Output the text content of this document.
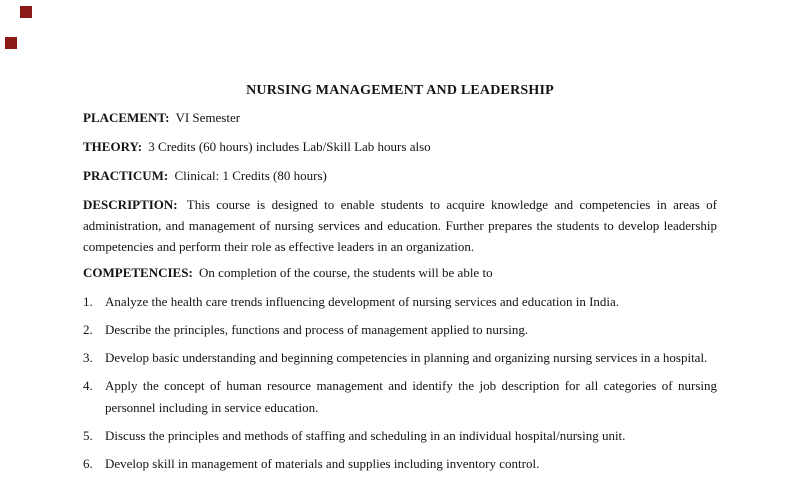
NURSING MANAGEMENT AND LEADERSHIP

PLACEMENT: VI Semester

THEORY: 3 Credits (60 hours) includes Lab/Skill Lab hours also

PRACTICUM: Clinical: 1 Credits (80 hours)

DESCRIPTION: This course is designed to enable students to acquire knowledge and competencies in areas of administration, and management of nursing services and education. Further prepares the students to develop leadership competencies and perform their role as effective leaders in an organization.

COMPETENCIES: On completion of the course, the students will be able to

1. Analyze the health care trends influencing development of nursing services and education in India.
2. Describe the principles, functions and process of management applied to nursing.
3. Develop basic understanding and beginning competencies in planning and organizing nursing services in a hospital.
4. Apply the concept of human resource management and identify the job description for all categories of nursing personnel including in service education.
5. Discuss the principles and methods of staffing and scheduling in an individual hospital/nursing unit.
6. Develop skill in management of materials and supplies including inventory control.
